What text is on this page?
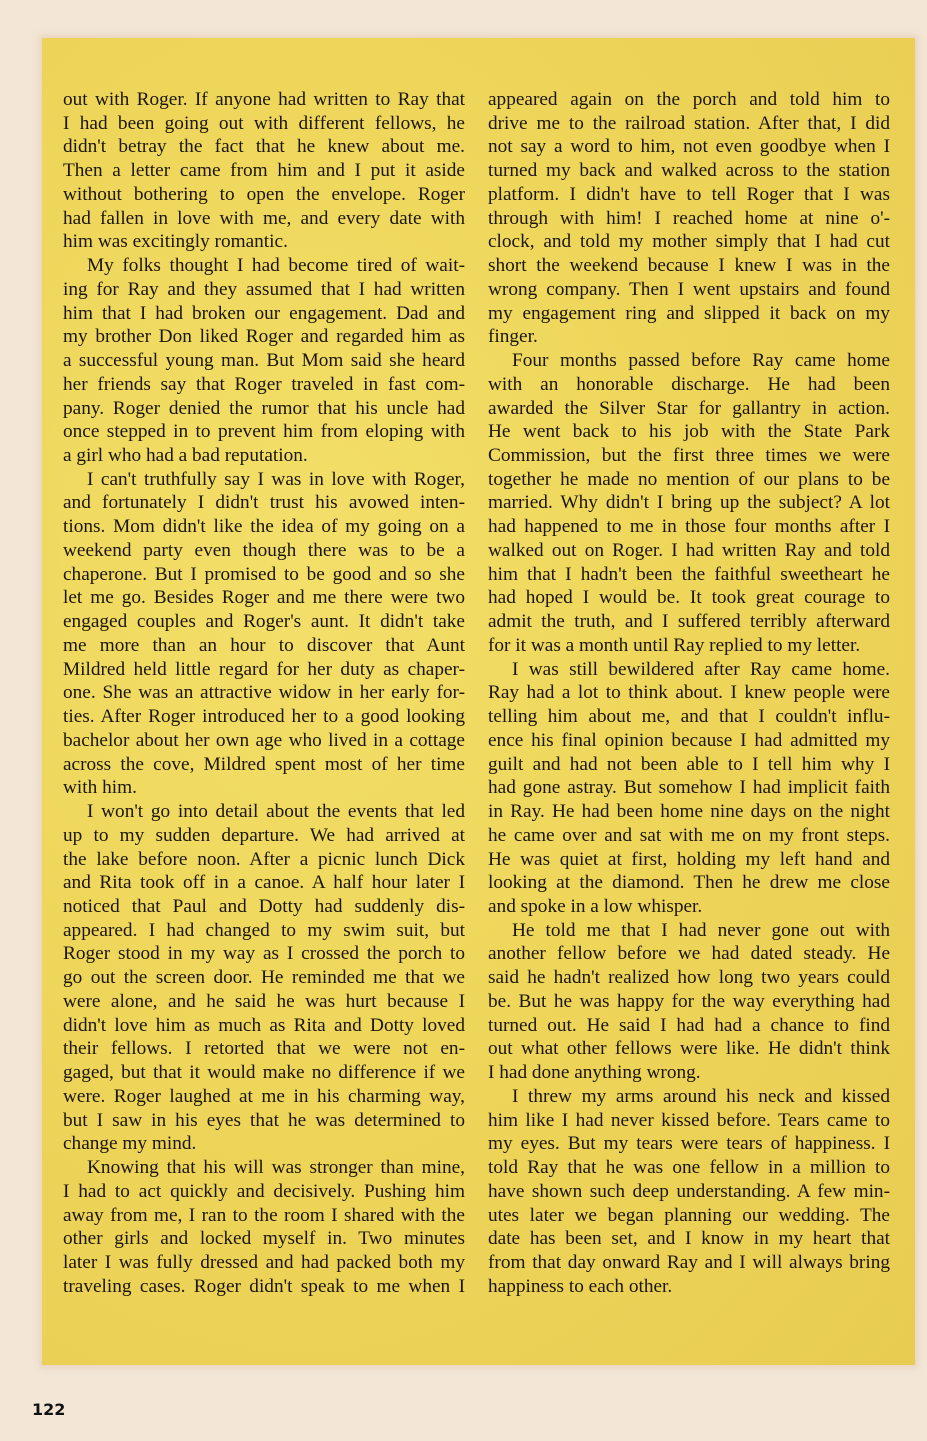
out with Roger. If anyone had written to Ray that
I had been going out with different fellows, he
didn't betray the fact that he knew about me.
Then a letter came from him and I put it aside
without bothering to open the envelope. Roger
had fallen in love with me, and every date with
him was excitingly romantic.
My folks thought I had become tired of wait-
ing for Ray and they assumed that I had written
him that I had broken our engagement. Dad and
my brother Don liked Roger and regarded him as
a successful young man. But Mom said she heard
her friends say that Roger traveled in fast com-
pany. Roger denied the rumor that his uncle had
once stepped in to prevent him from eloping with
a girl who had a bad reputation.
I can't truthfully say I was in love with Roger,
and fortunately I didn't trust his avowed inten-
tions. Mom didn't like the idea of my going on a
weekend party even though there was to be a
chaperone. But I promised to be good and so she
let me go. Besides Roger and me there were two
engaged couples and Roger's aunt. It didn't take
me more than an hour to discover that Aunt
Mildred held little regard for her duty as chaper-
one. She was an attractive widow in her early for-
ties. After Roger introduced her to a good looking
bachelor about her own age who lived in a cottage
across the cove, Mildred spent most of her time
with him.
I won't go into detail about the events that led
up to my sudden departure. We had arrived at
the lake before noon. After a picnic lunch Dick
and Rita took off in a canoe. A half hour later I
noticed that Paul and Dotty had suddenly dis-
appeared. I had changed to my swim suit, but
Roger stood in my way as I crossed the porch to
go out the screen door. He reminded me that we
were alone, and he said he was hurt because I
didn't love him as much as Rita and Dotty loved
their fellows. I retorted that we were not en-
gaged, but that it would make no difference if we
were. Roger laughed at me in his charming way,
but I saw in his eyes that he was determined to
change my mind.
Knowing that his will was stronger than mine,
I had to act quickly and decisively. Pushing him
away from me, I ran to the room I shared with the
other girls and locked myself in. Two minutes
later I was fully dressed and had packed both my
traveling cases. Roger didn't speak to me when I
appeared again on the porch and told him to
drive me to the railroad station. After that, I did
not say a word to him, not even goodbye when I
turned my back and walked across to the station
platform. I didn't have to tell Roger that I was
through with him! I reached home at nine o'-
clock, and told my mother simply that I had cut
short the weekend because I knew I was in the
wrong company. Then I went upstairs and found
my engagement ring and slipped it back on my
finger.
Four months passed before Ray came home
with an honorable discharge. He had been
awarded the Silver Star for gallantry in action.
He went back to his job with the State Park
Commission, but the first three times we were
together he made no mention of our plans to be
married. Why didn't I bring up the subject? A lot
had happened to me in those four months after I
walked out on Roger. I had written Ray and told
him that I hadn't been the faithful sweetheart he
had hoped I would be. It took great courage to
admit the truth, and I suffered terribly afterward
for it was a month until Ray replied to my letter.
I was still bewildered after Ray came home.
Ray had a lot to think about. I knew people were
telling him about me, and that I couldn't influ-
ence his final opinion because I had admitted my
guilt and had not been able to I tell him why I
had gone astray. But somehow I had implicit faith
in Ray. He had been home nine days on the night
he came over and sat with me on my front steps.
He was quiet at first, holding my left hand and
looking at the diamond. Then he drew me close
and spoke in a low whisper.
He told me that I had never gone out with
another fellow before we had dated steady. He
said he hadn't realized how long two years could
be. But he was happy for the way everything had
turned out. He said I had had a chance to find
out what other fellows were like. He didn't think
I had done anything wrong.
I threw my arms around his neck and kissed
him like I had never kissed before. Tears came to
my eyes. But my tears were tears of happiness. I
told Ray that he was one fellow in a million to
have shown such deep understanding. A few min-
utes later we began planning our wedding. The
date has been set, and I know in my heart that
from that day onward Ray and I will always bring
happiness to each other.
122
